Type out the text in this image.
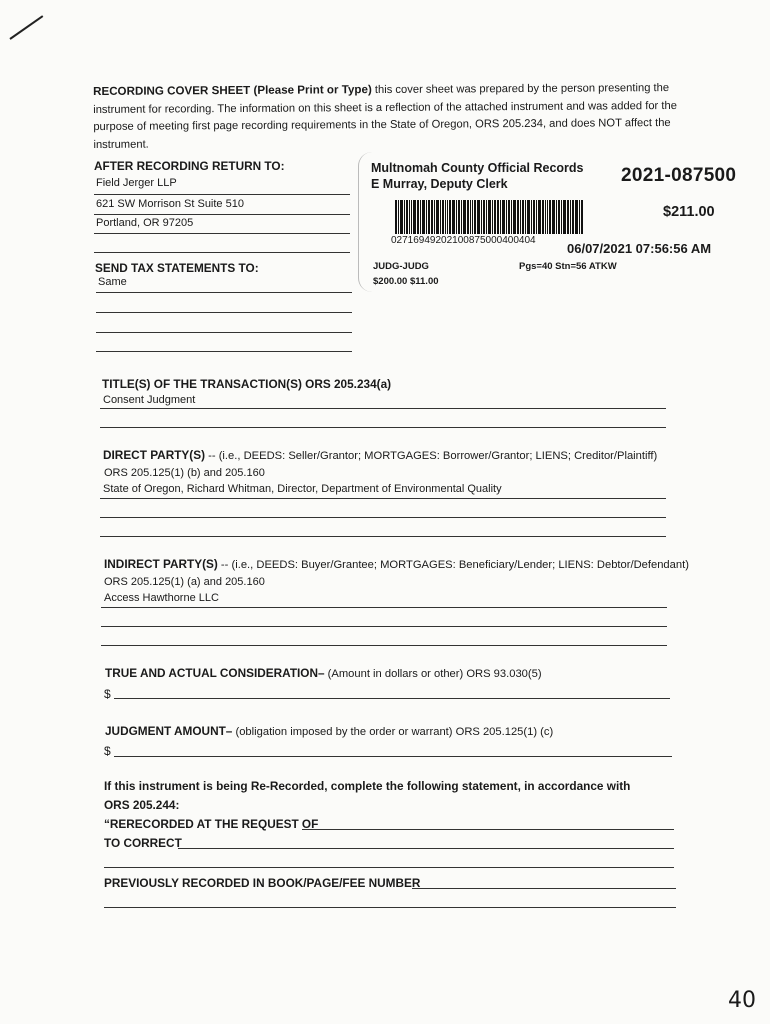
RECORDING COVER SHEET (Please Print or Type) this cover sheet was prepared by the person presenting the instrument for recording. The information on this sheet is a reflection of the attached instrument and was added for the purpose of meeting first page recording requirements in the State of Oregon, ORS 205.234, and does NOT affect the instrument.
AFTER RECORDING RETURN TO:
Field Jerger LLP
621 SW Morrison St Suite 510
Portland, OR 97205
SEND TAX STATEMENTS TO:
Same
Multnomah County Official Records
E Murray, Deputy Clerk	2021-087500
$211.00
02716949202100875000400404
06/07/2021 07:56:56 AM
JUDG-JUDG	Pgs=40 Stn=56 ATKW
$200.00 $11.00
TITLE(S) OF THE TRANSACTION(S) ORS 205.234(a)
Consent Judgment
DIRECT PARTY(S) -- (i.e., DEEDS: Seller/Grantor; MORTGAGES: Borrower/Grantor; LIENS; Creditor/Plaintiff)
ORS 205.125(1) (b) and 205.160
State of Oregon, Richard Whitman, Director, Department of Environmental Quality
INDIRECT PARTY(S) -- (i.e., DEEDS: Buyer/Grantee; MORTGAGES: Beneficiary/Lender; LIENS: Debtor/Defendant)
ORS 205.125(1) (a) and 205.160
Access Hawthorne LLC
TRUE AND ACTUAL CONSIDERATION– (Amount in dollars or other) ORS 93.030(5)
$
JUDGMENT AMOUNT– (obligation imposed by the order or warrant) ORS 205.125(1) (c)
$
If this instrument is being Re-Recorded, complete the following statement, in accordance with
ORS 205.244:
“RERECORDED AT THE REQUEST OF
TO CORRECT
PREVIOUSLY RECORDED IN BOOK/PAGE/FEE NUMBER
40
